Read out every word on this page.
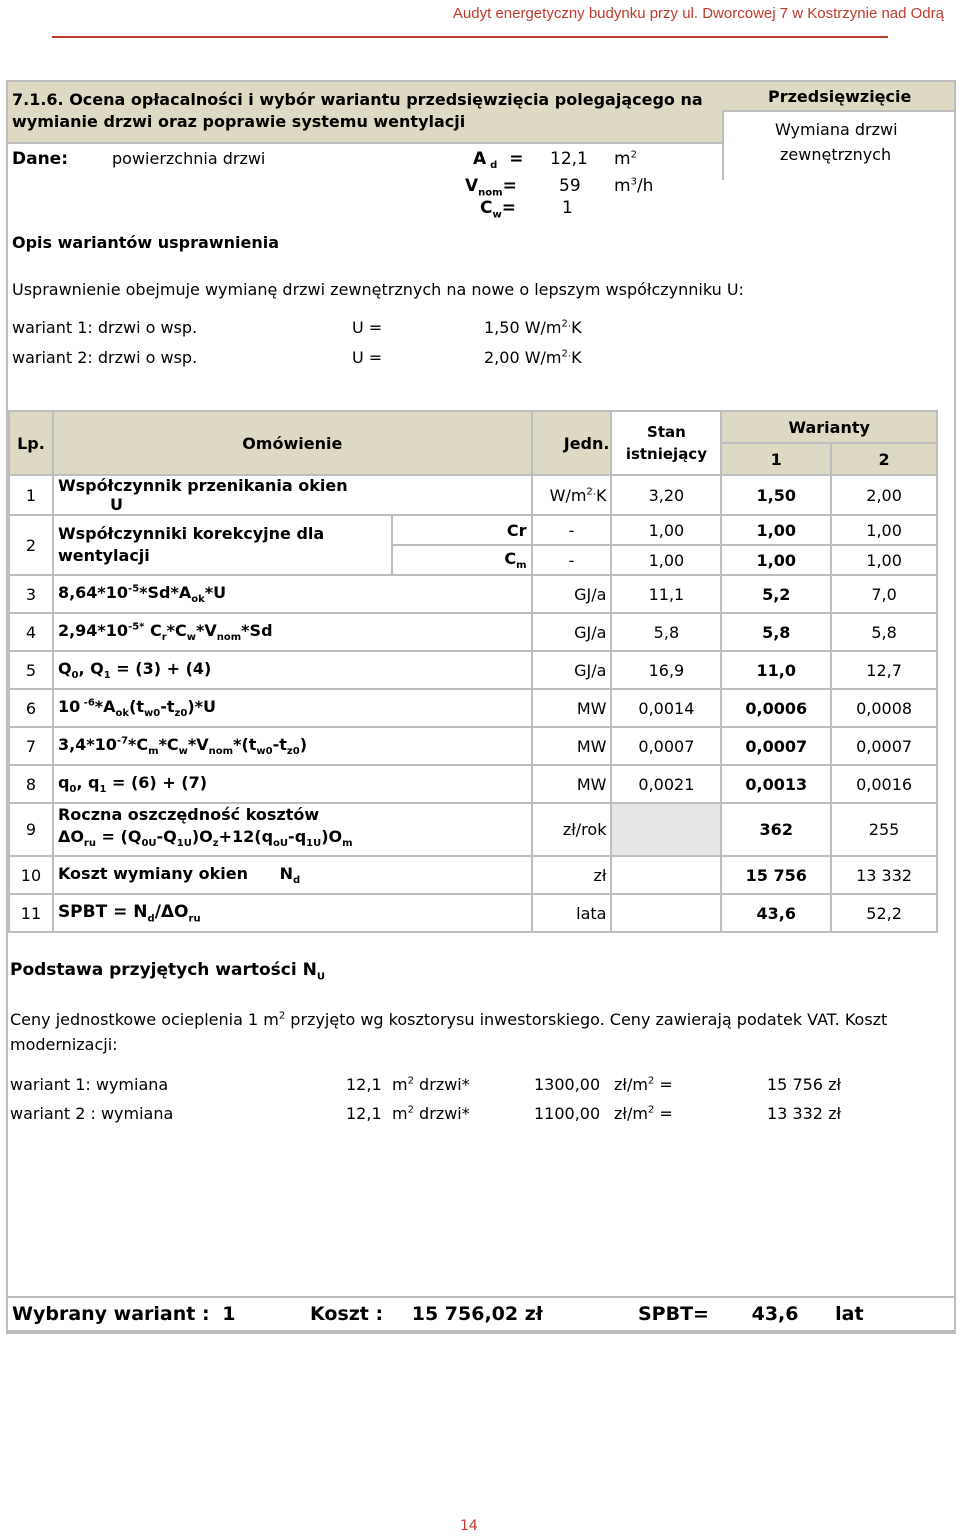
Audyt energetyczny budynku przy ul. Dworcowej 7 w Kostrzynie nad Odrą
7.1.6. Ocena opłacalności i wybór wariantu przedsięwzięcia polegającego na
wymianie drzwi oraz poprawie systemu wentylacji
Przedsięwzięcie
Wymiana drzwi
zewnętrznych
Dane:	powierzchnia drzwi	A $_d$ = 12,1 $m^2$
$V_{nom}= 59$ $m^3/h$
$C_w=$	1
Opis wariantów usprawnienia
Usprawnienie obejmuje wymianę drzwi zewnętrznych na nowe o lepszym współczynniku U:
wariant 1: drzwi o wsp.	U =	1,50 $W/m^{2.}K$
wariant 2: drzwi o wsp.	U =	2,00 $W/m^{2.}K$
Lp.	Omówienie		Jedn.	Stan
istniejący	Warianty	
					1	2
1	Współczynnik przenikania okien U		$W/m^{2.}K$	3,20	1,50	2,00
2	Współczynniki korekcyjne dla
wentylacji	Cr	-	1,00	1,00	1,00
		$C_m$	-	1,00	1,00	1,00
3	$8,64*10^{-5}*Sd*A_{ok}*U$		GJ/a	11,1	5,2	7,0
4	$2,94*10^{-5*}$ $C_r*C_w*V_{nom}*Sd$		GJ/a	5,8	5,8	5,8
5	$Q_0$, $Q_1 = (3) + (4)$		GJ/a	16,9	11,0	12,7
6	10 $^{-6}*A_{ok}(t_{w0}-t_{z0})*U$		MW	0,0014	0,0006	0,0008
7	$3,4*10^{-7}*C_m*C_w*V_{nom}*(t_{w0}-t_{z0})$		MW	0,0007	0,0007	0,0007
8	$q_0$, $q_1 = (6) + (7)$		MW	0,0021	0,0013	0,0016
9	Roczna oszczędność kosztów
$\Delta O_{ru} = (Q_{0U}-Q_{1U})O_z+12(q_{oU}-q_{1U})O_m$		zł/rok		362	255
10	Koszt wymiany okien $N_d$		zł		15 756	13 332
11	SPBT = $N_d/\Delta O_{ru}$		lata		43,6	52,2
Podstawa przyjętych wartości $N_U$
Ceny jednostkowe ocieplenia 1 $m^2$ przyjęto wg kosztorysu inwestorskiego. Ceny zawierają podatek VAT. Koszt
modernizacji:
wariant 1: wymiana	12,1 $m^2$ drzwi*	1300,00 $zł/m^2$ =	15 756 zł
wariant 2 : wymiana	12,1 $m^2$ drzwi*	1100,00 $zł/m^2$ =	13 332 zł
Wybrany wariant : 1	Koszt : 15 756,02 zł	SPBT= 43,6 lat
14
